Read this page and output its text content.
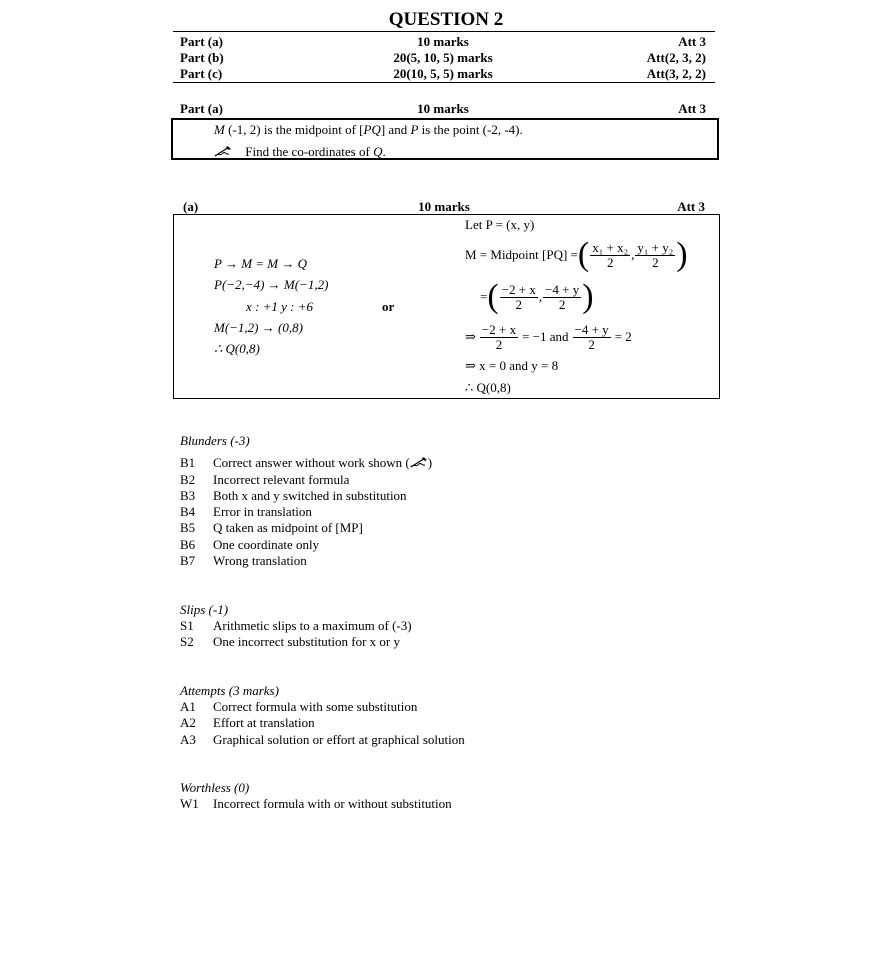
QUESTION 2
Part (a)	10 marks	Att 3
Part (b)	20(5, 10, 5) marks	Att(2, 3, 2)
Part (c)	20(10, 5, 5) marks	Att(3, 2, 2)
Part (a)	10 marks	Att 3
M (-1, 2) is the midpoint of [PQ] and P is the point (-2, -4).
Find the co-ordinates of Q.
(a)	10 marks	Att 3
P → M = M → Q
P(−2,−4) → M(−1,2)
x : +1 y : +6
M(−1,2) → (0,8)
∴ Q(0,8)
or
Let P = (x, y)
M = Midpoint [PQ] = ( $\frac{\text{x₁ + x₂}}{2}$ , $\frac{\text{y₁ + y₂}}{2}$ )
= ( $\frac{-2 + x}{2}$ , $\frac{-4 + y}{2}$ )
⇒ $\frac{-2 + x}{2} = -1$ and $\frac{-4 + y}{2} = 2$
⇒ x = 0 and y = 8
∴ Q(0,8)
Blunders (-3)
B1 Correct answer without work shown ( )
B2 Incorrect relevant formula
B3 Both x and y switched in substitution
B4 Error in translation
B5 Q taken as midpoint of [MP]
B6 One coordinate only
B7 Wrong translation
Slips (-1)
S1 Arithmetic slips to a maximum of (-3)
S2 One incorrect substitution for x or y
Attempts (3 marks)
A1 Correct formula with some substitution
A2 Effort at translation
A3 Graphical solution or effort at graphical solution
Worthless (0)
W1 Incorrect formula with or without substitution
